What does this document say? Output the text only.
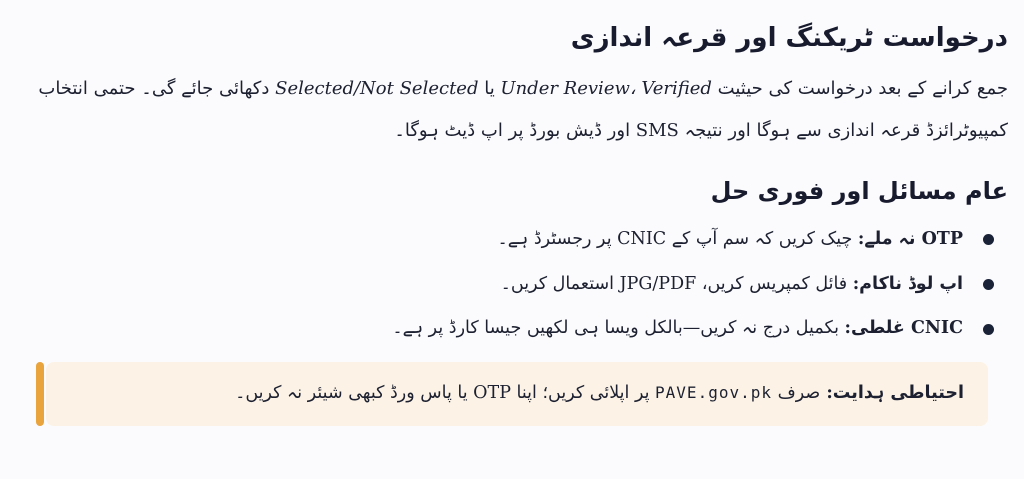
درخواست ٹریکنگ اور قرعہ اندازی

جمع کرانے کے بعد درخواست کی حیثیت Under Review، Verified یا Selected/Not Selected دکھائی جائے گی۔ حتمی انتخاب کمپیوٹرائزڈ قرعہ اندازی سے ہوگا اور نتیجہ SMS اور ڈیش بورڈ پر اپ ڈیٹ ہوگا۔

عام مسائل اور فوری حل
OTP نہ ملے: چیک کریں کہ سم آپ کے CNIC پر رجسٹرڈ ہے۔
اپ لوڈ ناکام: فائل کمپریس کریں، JPG/PDF استعمال کریں۔
CNIC غلطی: بکمیل درج نہ کریں—بالکل ویسا ہی لکھیں جیسا کارڈ پر ہے۔
احتیاطی ہدایت: صرف PAVE.gov.pk پر اپلائی کریں؛ اپنا OTP یا پاس ورڈ کبھی شیئر نہ کریں۔
